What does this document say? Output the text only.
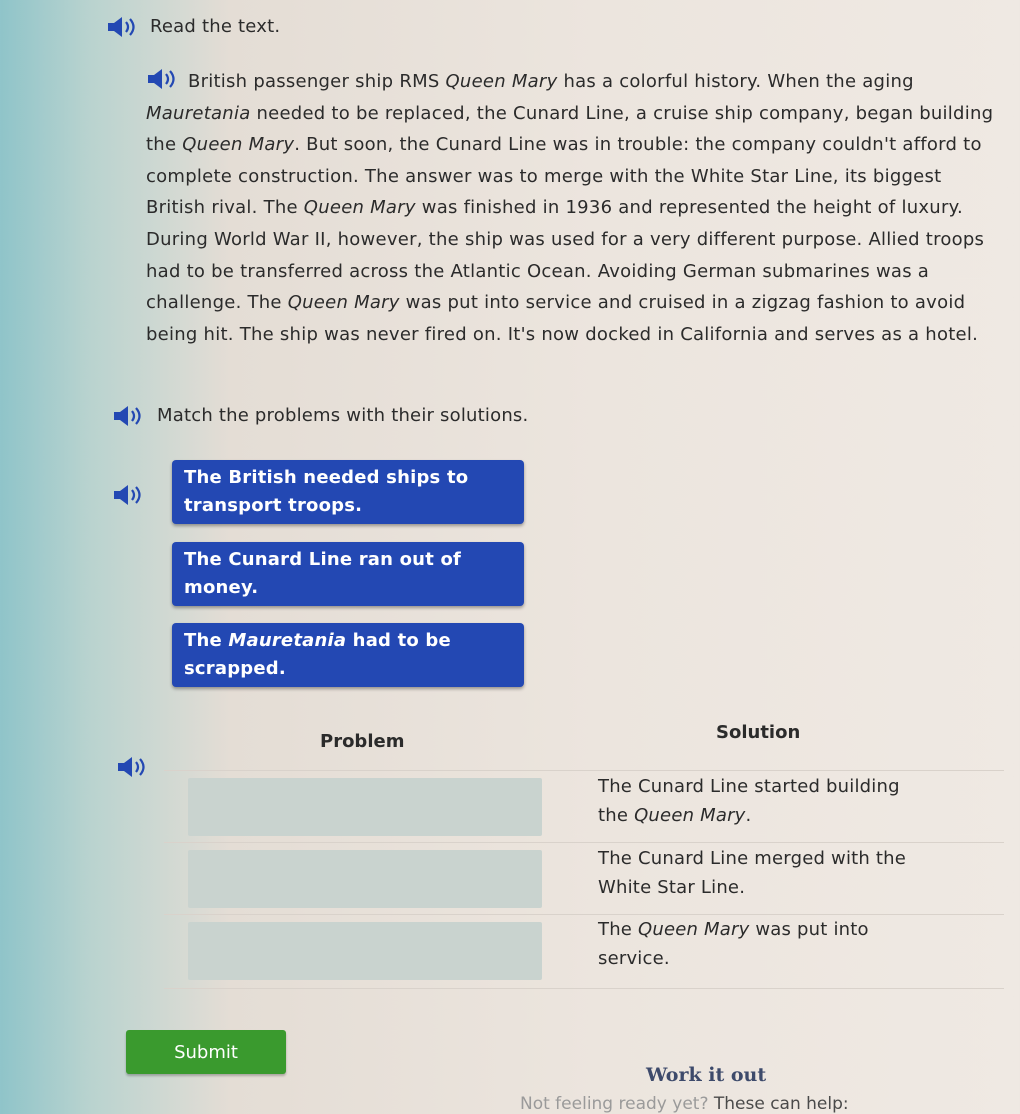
Read the text.
British passenger ship RMS Queen Mary has a colorful history. When the aging Mauretania needed to be replaced, the Cunard Line, a cruise ship company, began building the Queen Mary. But soon, the Cunard Line was in trouble: the company couldn't afford to complete construction. The answer was to merge with the White Star Line, its biggest British rival. The Queen Mary was finished in 1936 and represented the height of luxury. During World War II, however, the ship was used for a very different purpose. Allied troops had to be transferred across the Atlantic Ocean. Avoiding German submarines was a challenge. The Queen Mary was put into service and cruised in a zigzag fashion to avoid being hit. The ship was never fired on. It's now docked in California and serves as a hotel.
Match the problems with their solutions.
The British needed ships to
transport troops.
The Cunard Line ran out of
money.
The Mauretania had to be
scrapped.
Problem	Solution
The Cunard Line started building
the Queen Mary.
The Cunard Line merged with the
White Star Line.
The Queen Mary was put into
service.
Submit
Work it out
Not feeling ready yet? These can help:
